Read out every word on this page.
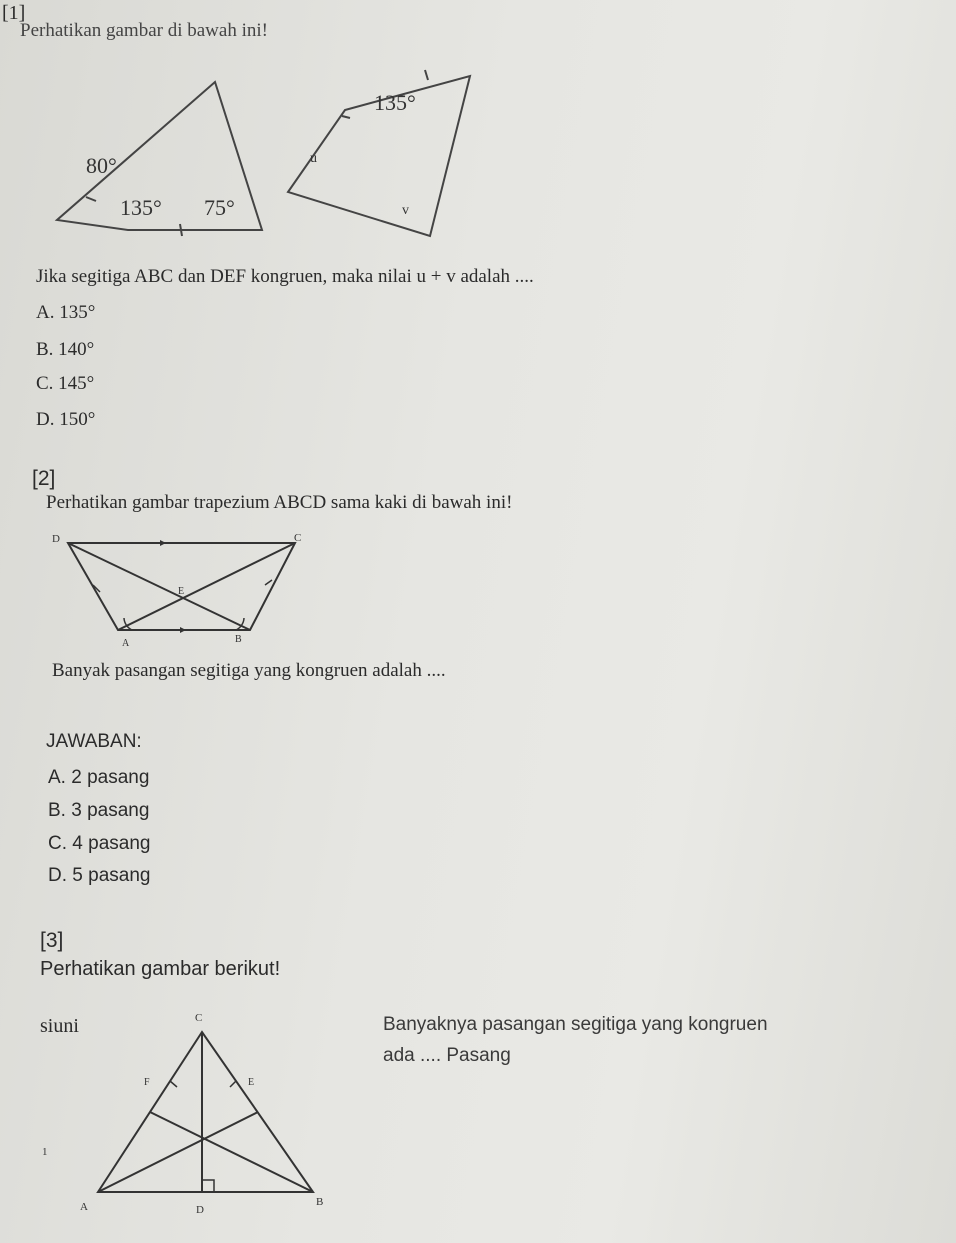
[1]
Perhatikan gambar di bawah ini!
80°
135° 75°
135°
u
v
Jika segitiga ABC dan DEF kongruen, maka nilai u + v adalah ....
A. 135°
B. 140°
C. 145°
D. 150°
[2]
Perhatikan gambar trapezium ABCD sama kaki di bawah ini!
D	C
E
A	B
Banyak pasangan segitiga yang kongruen adalah ....
JAWABAN:
A. 2 pasang
B. 3 pasang
C. 4 pasang
D. 5 pasang
[3]
Perhatikan gambar berikut!
siuni	C
F	E
A	D
B
1
Banyaknya pasangan segitiga yang kongruen
ada .... Pasang
